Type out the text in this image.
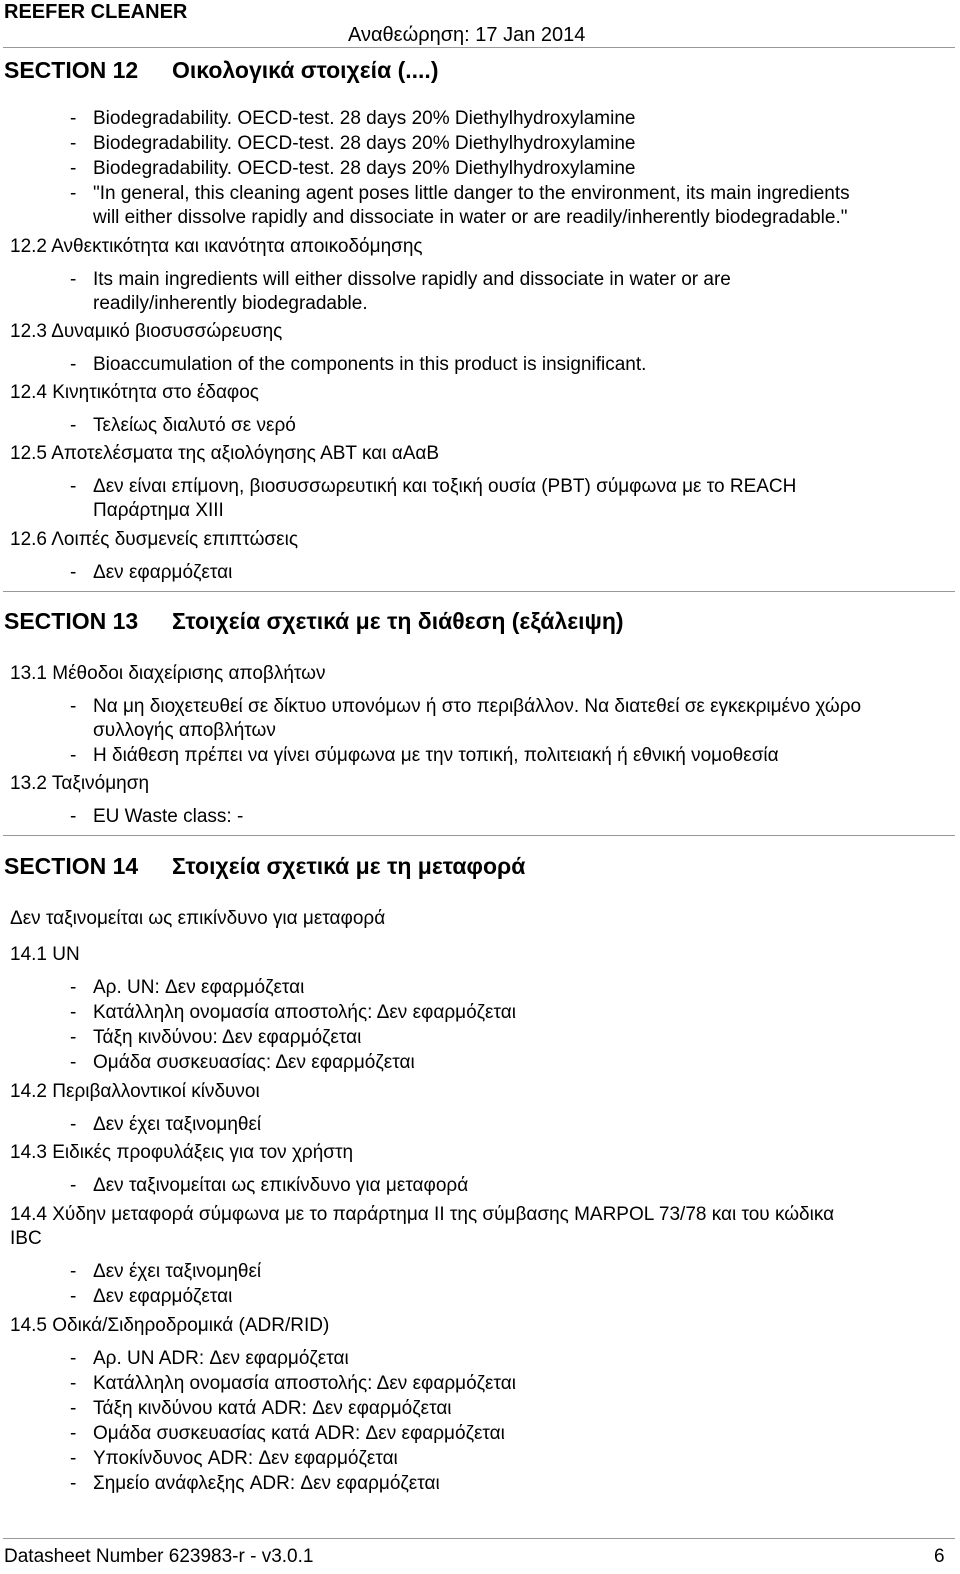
REEFER CLEANER
Αναθεώρηση: 17 Jan 2014
SECTION 12 Οικολογικά στοιχεία (....)
- Biodegradability. OECD-test. 28 days 20% Diethylhydroxylamine
- Biodegradability. OECD-test. 28 days 20% Diethylhydroxylamine
- Biodegradability. OECD-test. 28 days 20% Diethylhydroxylamine
- "In general, this cleaning agent poses little danger to the environment, its main ingredients
will either dissolve rapidly and dissociate in water or are readily/inherently biodegradable."
12.2 Ανθεκτικότητα και ικανότητα αποικοδόμησης
- Its main ingredients will either dissolve rapidly and dissociate in water or are
readily/inherently biodegradable.
12.3 Δυναμικό βιοσυσσώρευσης
- Bioaccumulation of the components in this product is insignificant.
12.4 Κινητικότητα στο έδαφος
- Τελείως διαλυτό σε νερό
12.5 Αποτελέσματα της αξιολόγησης ΑΒΤ και αΑαΒ
- Δεν είναι επίμονη, βιοσυσσωρευτική και τοξική ουσία (PBT) σύμφωνα με το REACH
Παράρτημα XIII
12.6 Λοιπές δυσμενείς επιπτώσεις
- Δεν εφαρμόζεται
SECTION 13 Στοιχεία σχετικά με τη διάθεση (εξάλειψη)
13.1 Μέθοδοι διαχείρισης αποβλήτων
- Να μη διοχετευθεί σε δίκτυο υπονόμων ή στο περιβάλλον. Να διατεθεί σε εγκεκριμένο χώρο
συλλογής αποβλήτων
- Η διάθεση πρέπει να γίνει σύμφωνα με την τοπική, πολιτειακή ή εθνική νομοθεσία
13.2 Ταξινόμηση
- EU Waste class: -
SECTION 14 Στοιχεία σχετικά με τη μεταφορά
Δεν ταξινομείται ως επικίνδυνο για μεταφορά
14.1 UN
- Αρ. UN: Δεν εφαρμόζεται
- Κατάλληλη ονομασία αποστολής: Δεν εφαρμόζεται
- Τάξη κινδύνου: Δεν εφαρμόζεται
- Ομάδα συσκευασίας: Δεν εφαρμόζεται
14.2 Περιβαλλοντικοί κίνδυνοι
- Δεν έχει ταξινομηθεί
14.3 Ειδικές προφυλάξεις για τον χρήστη
- Δεν ταξινομείται ως επικίνδυνο για μεταφορά
14.4 Χύδην μεταφορά σύμφωνα με το παράρτημα II της σύμβασης MARPOL 73/78 και του κώδικα
IBC
- Δεν έχει ταξινομηθεί
- Δεν εφαρμόζεται
14.5 Οδικά/Σιδηροδρομικά (ADR/RID)
- Αρ. UN ADR: Δεν εφαρμόζεται
- Κατάλληλη ονομασία αποστολής: Δεν εφαρμόζεται
- Τάξη κινδύνου κατά ADR: Δεν εφαρμόζεται
- Ομάδα συσκευασίας κατά ADR: Δεν εφαρμόζεται
- Υποκίνδυνος ADR: Δεν εφαρμόζεται
- Σημείο ανάφλεξης ADR: Δεν εφαρμόζεται
Datasheet Number 623983-r - v3.0.1	6
